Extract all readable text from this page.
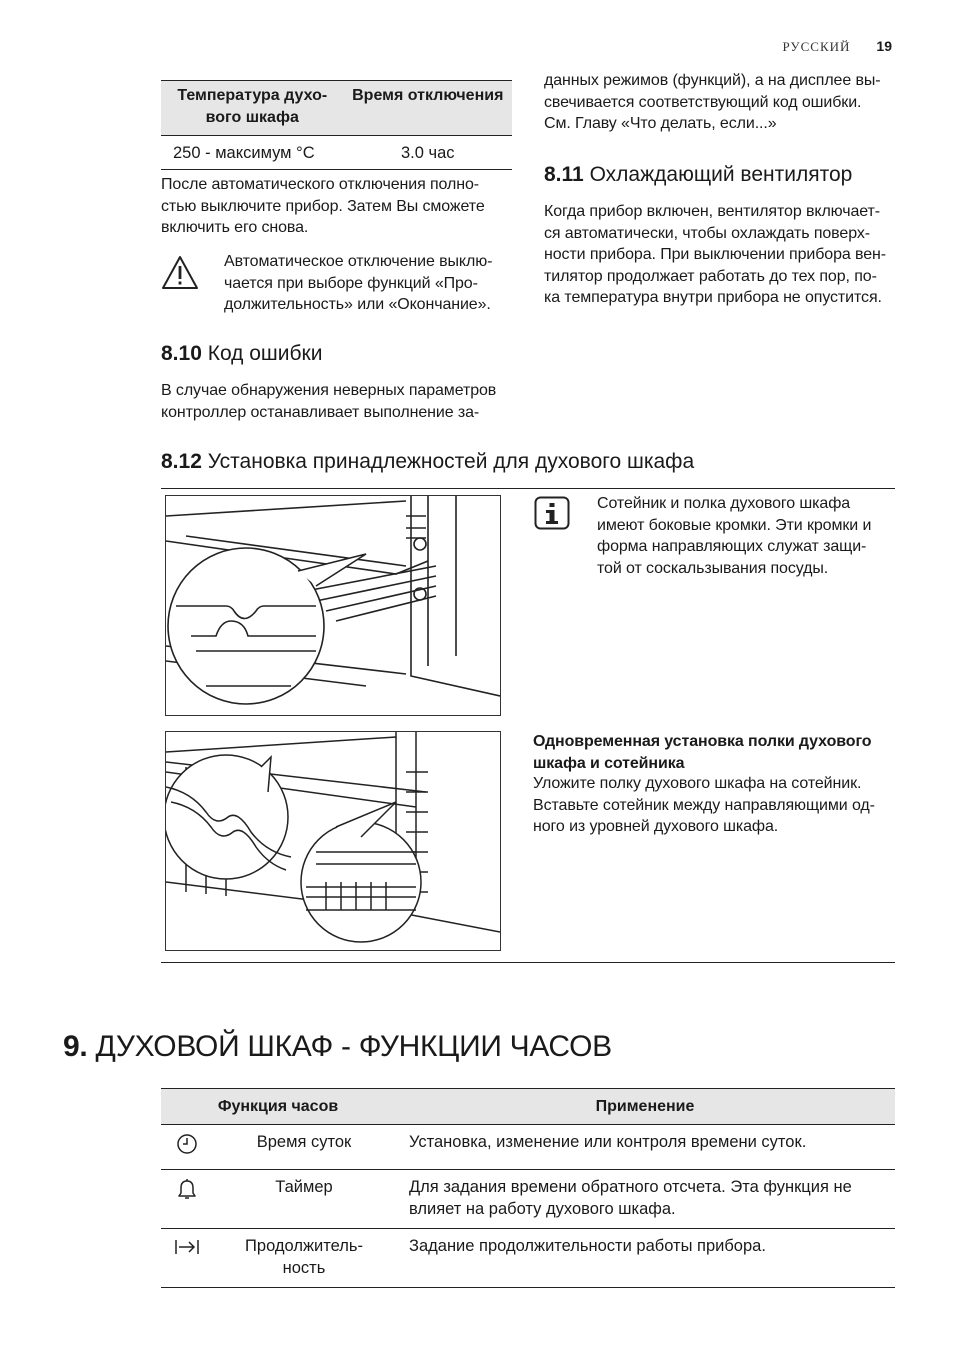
РУССКИЙ 19
Температура духо-
вого шкафа	Время отключения
250 - максимум °C	3.0 час
После автоматического отключения полно-
стью выключите прибор. Затем Вы сможете
включить его снова.
Автоматическое отключение выклю-
чается при выборе функций «Про-
должительность» или «Окончание».
8.10 Код ошибки
В случае обнаружения неверных параметров
контроллер останавливает выполнение за-
данных режимов (функций), а на дисплее вы-
свечивается соответствующий код ошибки.
См. Главу «Что делать, если...»
8.11 Охлаждающий вентилятор
Когда прибор включен, вентилятор включает-
ся автоматически, чтобы охлаждать поверх-
ности прибора. При выключении прибора вен-
тилятор продолжает работать до тех пор, по-
ка температура внутри прибора не опустится.
8.12 Установка принадлежностей для духового шкафа
Сотейник и полка духового шкафа
имеют боковые кромки. Эти кромки и
форма направляющих служат защи-
той от соскальзывания посуды.
Одновременная установка полки духового
шкафа и сотейника
Уложите полку духового шкафа на сотейник.
Вставьте сотейник между направляющими од-
ного из уровней духового шкафа.
9. ДУХОВОЙ ШКАФ - ФУНКЦИИ ЧАСОВ
Функция часов		Применение
	Время суток	Установка, изменение или контроля времени суток.
	Таймер	Для задания времени обратного отсчета. Эта функция не
влияет на работу духового шкафа.
	Продолжитель-
ность	Задание продолжительности работы прибора.
